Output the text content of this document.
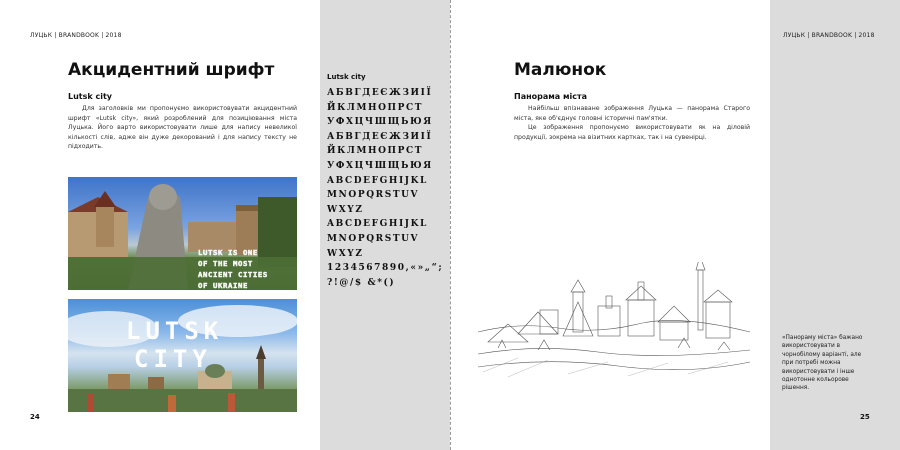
ЛУЦЬК | BRANDBOOK | 2018
Акцидентний шрифт
Lutsk city

Для заголовків ми пропонуємо використовувати акцидентний шрифт «Lutsk city», який розроблений для позиціювання міста Луцька. Його варто використовувати лише для напису невеликої кількості слів, адже він дуже декорований і для напису тексту не підходить.

LUTSK IS ONE
OF THE MOST
ANCIENT CITIES
OF UKRAINE
LUTSK
CITY
Lutsk city
АБВГДЕЄЖЗИІЇ
ЙКЛМНОПРСТ
УФХЦЧШЩЬЮЯ
АБВГДЕЄЖЗИІЇ
ЙКЛМНОПРСТ
УФХЦЧШЩЬЮЯ
ABCDEFGHIJKL
MNOPQRSTUV
WXYZ
ABCDEFGHIJKL
MNOPQRSTUV
WXYZ
1234567890,«»„“;
?!@/$ &*()
24
ЛУЦЬК | BRANDBOOK | 2018
Малюнок
Панорама міста

Найбільш впізнаване зображення Луцька — панорама Старого міста, яке об'єднує головні історичні пам'ятки.

Це зображення пропонуємо використовувати як на діловій продукції, зокрема на візитних картках, так і на сувенірці.

25
«Панораму міста» бажано використовувати в чорнобілому варіанті, але при потребі можна використовувати і інше однотонне кольорове рішення.
